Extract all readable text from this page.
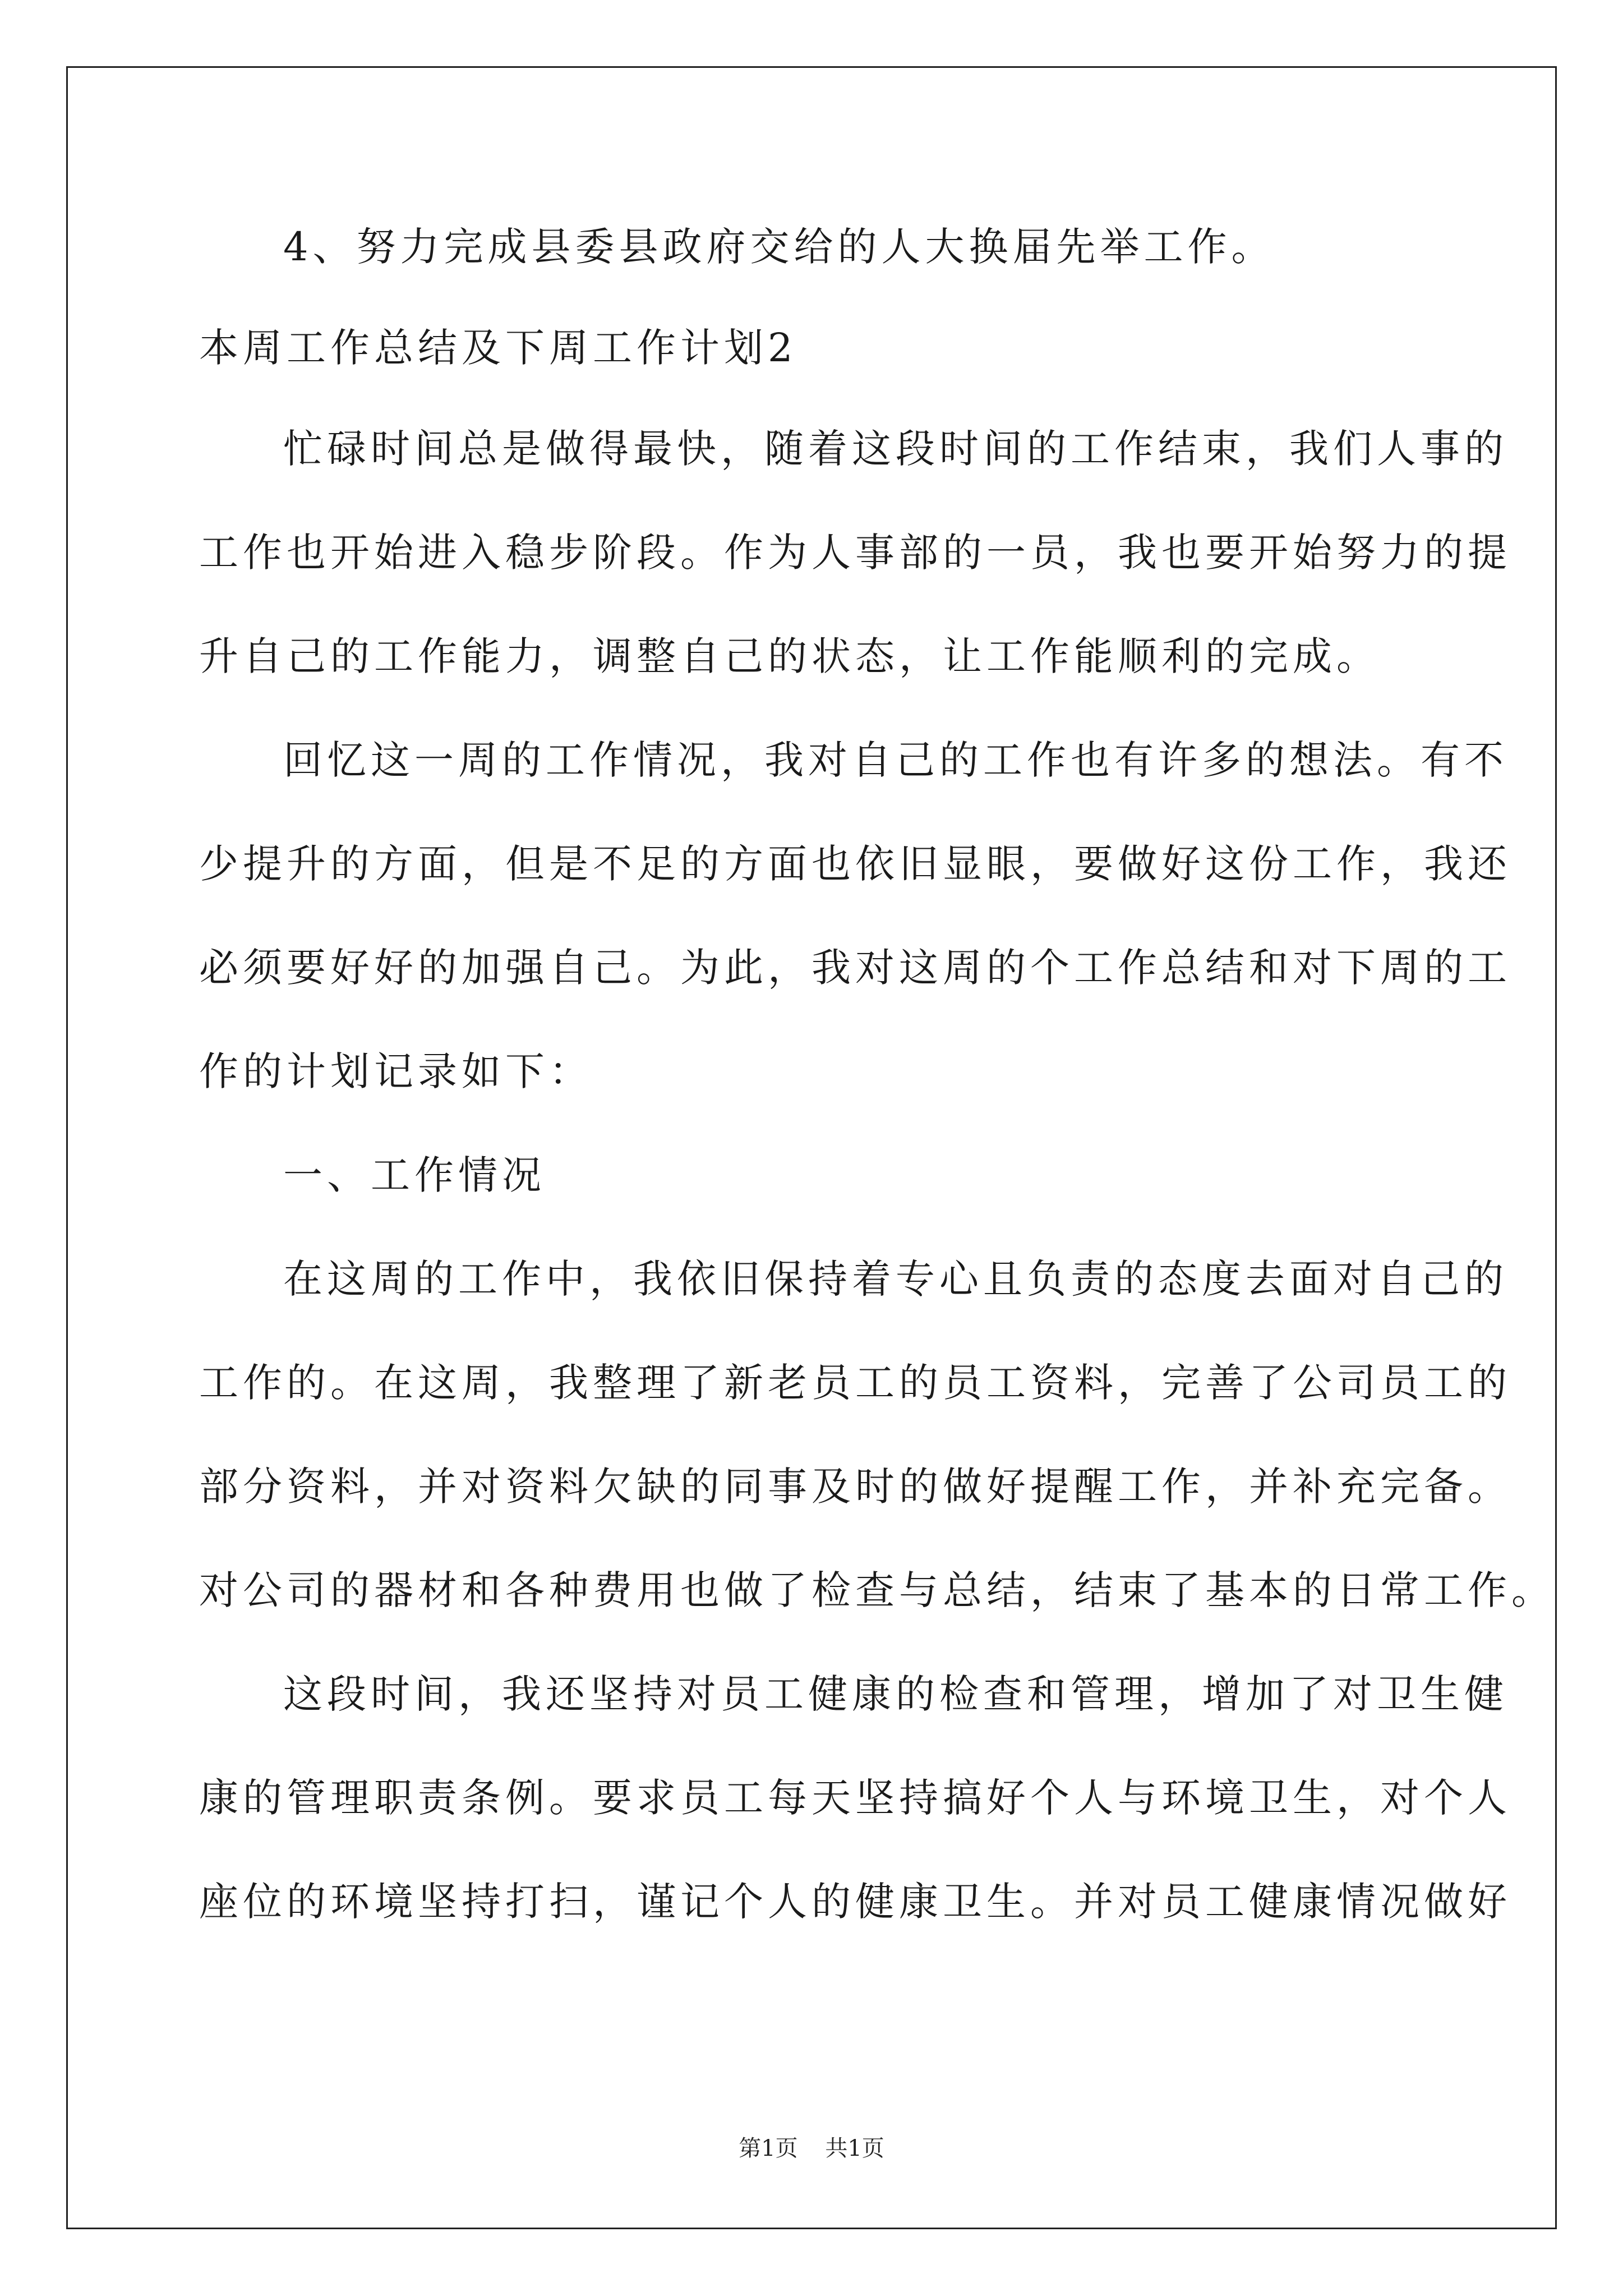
4、努力完成县委县政府交给的人大换届先举工作。
本周工作总结及下周工作计划2
忙碌时间总是做得最快，随着这段时间的工作结束，我们人事的
工作也开始进入稳步阶段。作为人事部的一员，我也要开始努力的提
升自己的工作能力，调整自己的状态，让工作能顺利的完成。
回忆这一周的工作情况，我对自己的工作也有许多的想法。有不
少提升的方面，但是不足的方面也依旧显眼，要做好这份工作，我还
必须要好好的加强自己。为此，我对这周的个工作总结和对下周的工
作的计划记录如下：
一、工作情况
在这周的工作中，我依旧保持着专心且负责的态度去面对自己的
工作的。在这周，我整理了新老员工的员工资料，完善了公司员工的
部分资料，并对资料欠缺的同事及时的做好提醒工作，并补充完备。
对公司的器材和各种费用也做了检查与总结，结束了基本的日常工作。
这段时间，我还坚持对员工健康的检查和管理，增加了对卫生健
康的管理职责条例。要求员工每天坚持搞好个人与环境卫生，对个人
座位的环境坚持打扫，谨记个人的健康卫生。并对员工健康情况做好
第1页 共1页
